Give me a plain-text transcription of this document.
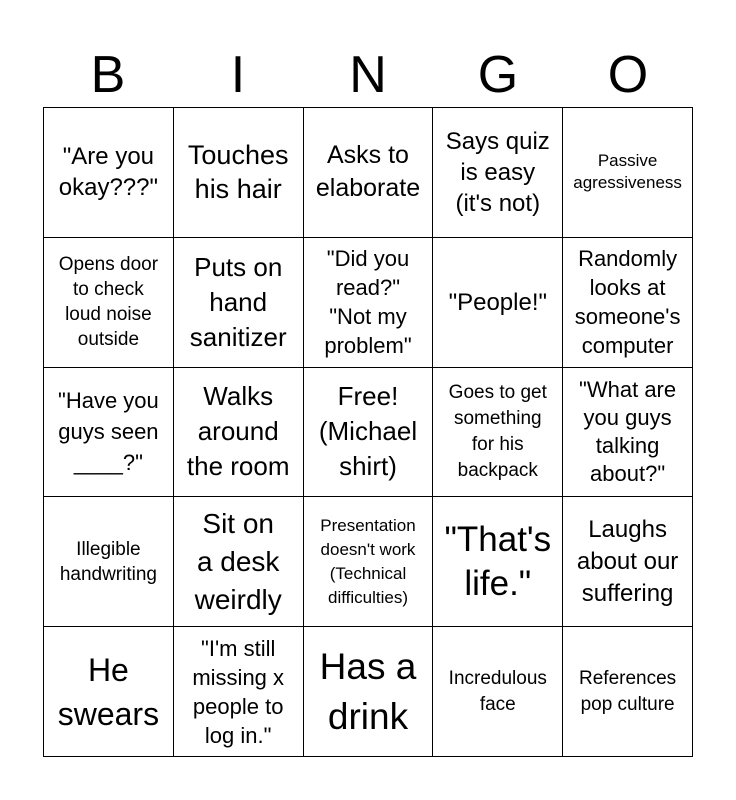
B	I	N	G	O
"Are you
okay???"
Touches
his hair
Asks to
elaborate
Says quiz
is easy
(it's not)
Passive
agressiveness
Opens door
to check
loud noise
outside
Puts on
hand
sanitizer
"Did you
read?"
"Not my
problem"
"People!"
Randomly
looks at
someone's
computer
"Have you
guys seen
____?"
Walks
around
the room
Free!
(Michael
shirt)
Goes to get
something
for his
backpack
"What are
you guys
talking
about?"
Illegible
handwriting
Sit on
a desk
weirdly
Presentation
doesn't work
(Technical
difficulties)
"That's
life."
Laughs
about our
suffering
He
swears
"I'm still
missing x
people to
log in."
Has a
drink
Incredulous
face
References
pop culture
